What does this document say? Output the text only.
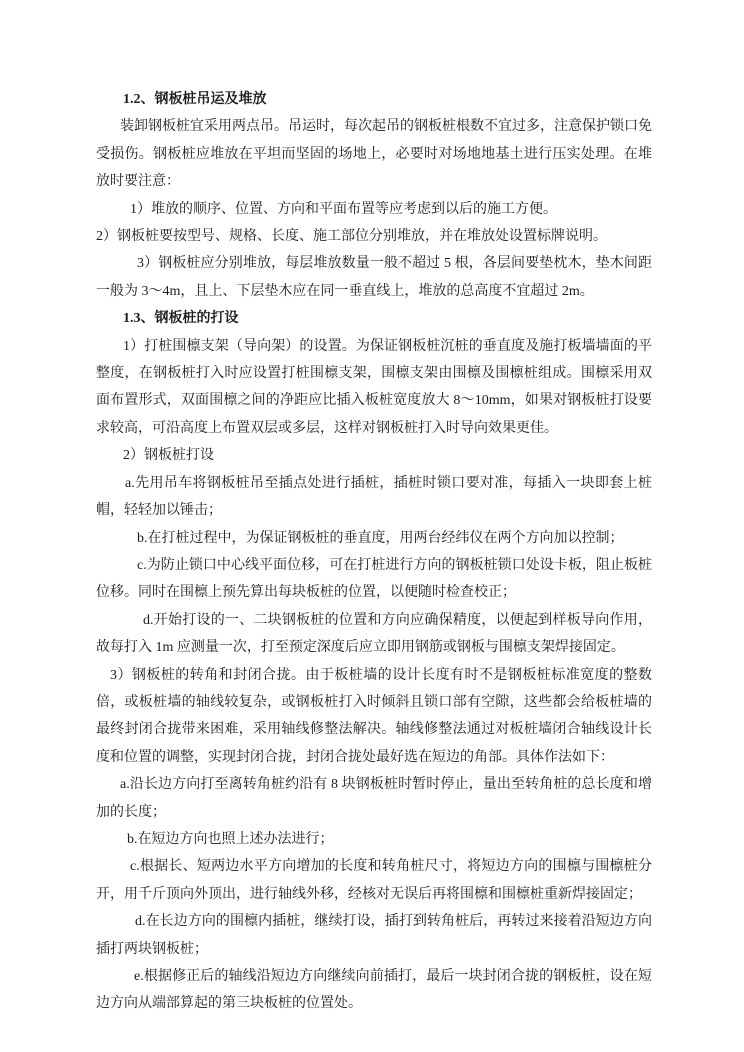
1.2、钢板桩吊运及堆放

装卸钢板桩宜采用两点吊。吊运时，每次起吊的钢板桩根数不宜过多，注意保护锁口免受损伤。钢板桩应堆放在平坦而坚固的场地上，必要时对场地地基土进行压实处理。在堆放时要注意：

1）堆放的顺序、位置、方向和平面布置等应考虑到以后的施工方便。

2）钢板桩要按型号、规格、长度、施工部位分别堆放，并在堆放处设置标牌说明。

3）钢板桩应分别堆放，每层堆放数量一般不超过 5 根，各层间要垫枕木，垫木间距一般为 3～4m，且上、下层垫木应在同一垂直线上，堆放的总高度不宜超过 2m。

1.3、钢板桩的打设

1）打桩围檩支架（导向架）的设置。为保证钢板桩沉桩的垂直度及施打板墙墙面的平整度，在钢板桩打入时应设置打桩围檩支架，围檩支架由围檩及围檩桩组成。围檩采用双面布置形式，双面围檩之间的净距应比插入板桩宽度放大 8～10mm，如果对钢板桩打设要求较高，可沿高度上布置双层或多层，这样对钢板桩打入时导向效果更佳。

2）钢板桩打设

a.先用吊车将钢板桩吊至插点处进行插桩，插桩时锁口要对准，每插入一块即套上桩帽，轻轻加以锤击；

b.在打桩过程中，为保证钢板桩的垂直度，用两台经纬仪在两个方向加以控制；

c.为防止锁口中心线平面位移，可在打桩进行方向的钢板桩锁口处设卡板，阻止板桩位移。同时在围檩上预先算出每块板桩的位置，以便随时检查校正；

d.开始打设的一、二块钢板桩的位置和方向应确保精度，以便起到样板导向作用，故每打入 1m 应测量一次，打至预定深度后应立即用钢筋或钢板与围檩支架焊接固定。

3）钢板桩的转角和封闭合拢。由于板桩墙的设计长度有时不是钢板桩标准宽度的整数倍，或板桩墙的轴线较复杂，或钢板桩打入时倾斜且锁口部有空隙，这些都会给板桩墙的最终封闭合拢带来困难，采用轴线修整法解决。轴线修整法通过对板桩墙闭合轴线设计长度和位置的调整，实现封闭合拢，封闭合拢处最好选在短边的角部。具体作法如下：

a.沿长边方向打至离转角桩约沿有 8 块钢板桩时暂时停止，量出至转角桩的总长度和增加的长度；

b.在短边方向也照上述办法进行；

c.根据长、短两边水平方向增加的长度和转角桩尺寸，将短边方向的围檩与围檩桩分开，用千斤顶向外顶出，进行轴线外移，经核对无误后再将围檩和围檩桩重新焊接固定；

d.在长边方向的围檩内插桩，继续打设，插打到转角桩后，再转过来接着沿短边方向插打两块钢板桩；

e.根据修正后的轴线沿短边方向继续向前插打，最后一块封闭合拢的钢板桩，设在短边方向从端部算起的第三块板桩的位置处。
